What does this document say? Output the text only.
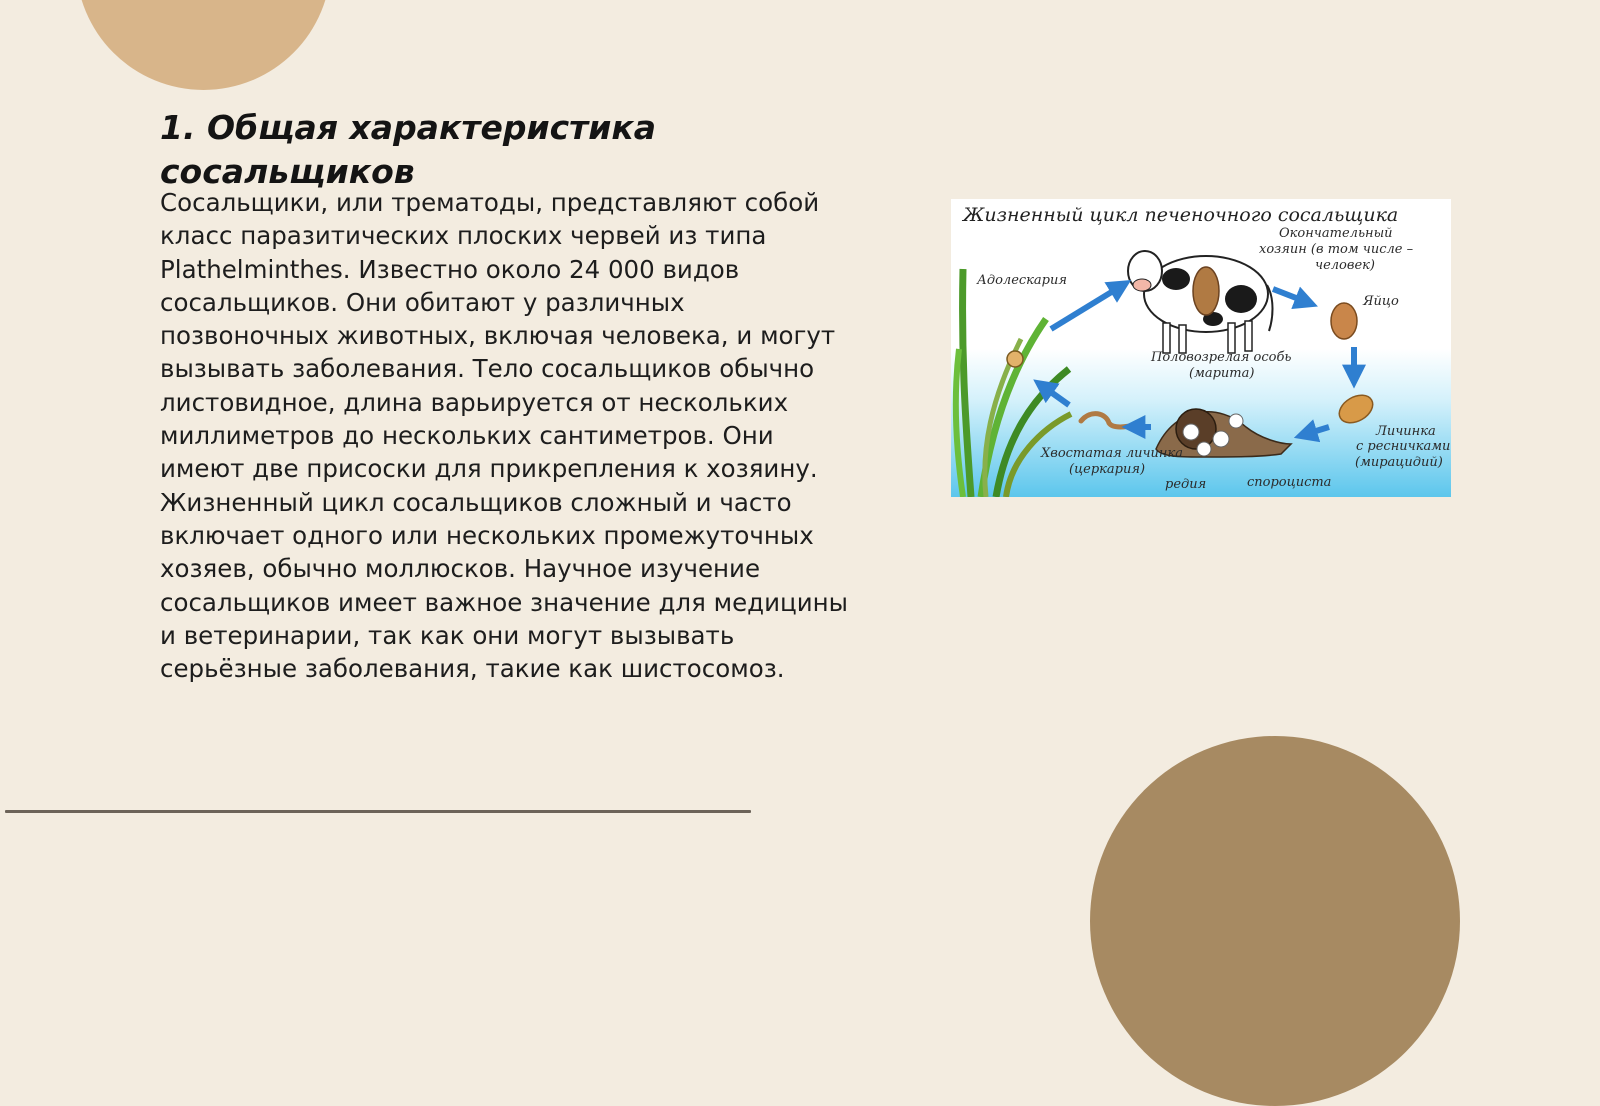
1. Общая характеристика сосальщиков

Сосальщики, или трематоды, представляют собой класс паразитических плоских червей из типа Plathelminthes. Известно около 24 000 видов сосальщиков. Они обитают у различных позвоночных животных, включая человека, и могут вызывать заболевания. Тело сосальщиков обычно листовидное, длина варьируется от нескольких миллиметров до нескольких сантиметров. Они имеют две присоски для прикрепления к хозяину. Жизненный цикл сосальщиков сложный и часто включает одного или нескольких промежуточных хозяев, обычно моллюсков. Научное изучение сосальщиков имеет важное значение для медицины и ветеринарии, так как они могут вызывать серьёзные заболевания, такие как шистосомоз.

Жизненный цикл печеночного сосальщика
Окончательный
хозяин (в том числе –
человек)
Адолескария
Яйцо
Половозрелая особь
(марита)
Личинка
с ресничками
(мирацидий)
Хвостатая личинка
(церкария)
редия	спороциста
